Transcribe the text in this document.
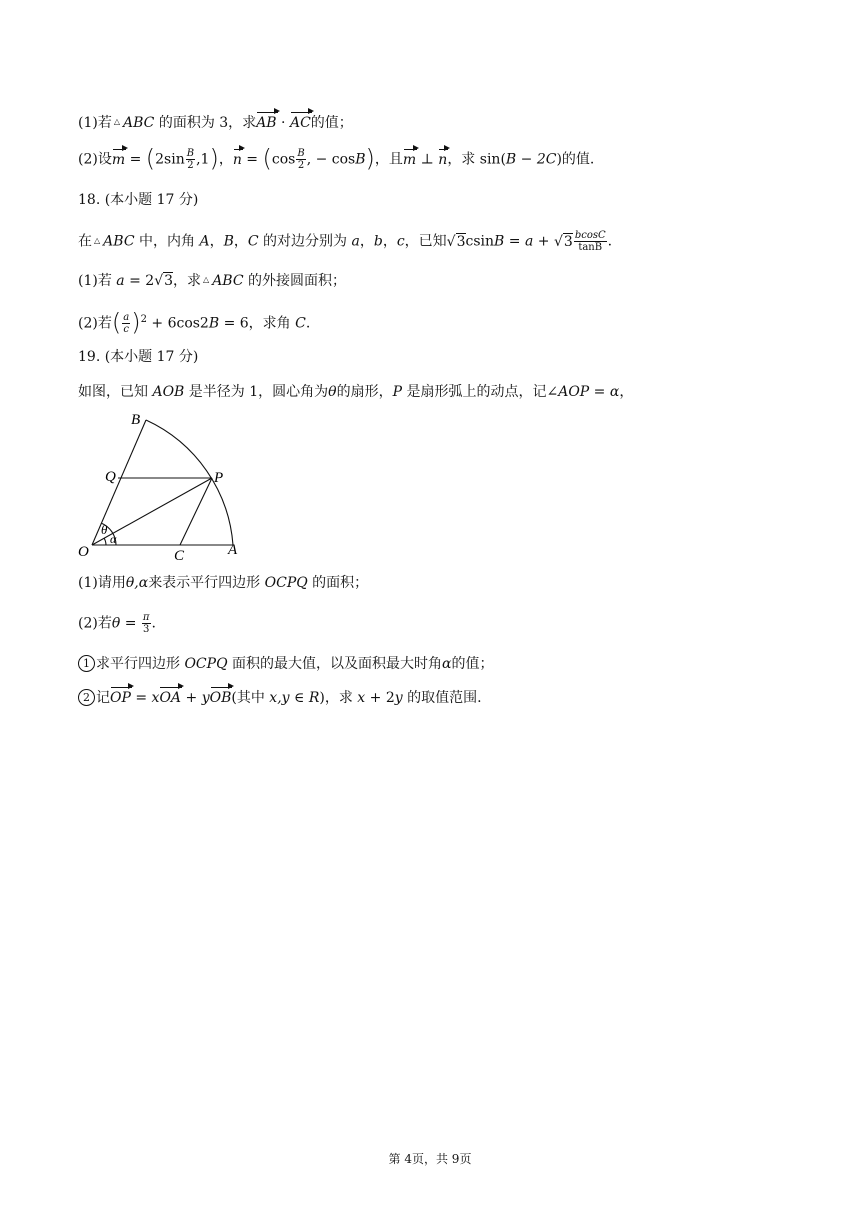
(1)若 △ ABC 的面积为 3，求AB · AC的值；
(2)设$m = (2\sin \frac{B}{2} ,1)$，$n = (\cos \frac{B}{2}$ , − cosB)，且m ⊥ n，求 sin(B − 2C)的值.
18. (本小题 17 分)
在 △ ABC 中，内角 A，B，C 的对边分别为 a，b，c，已知$√3csinB = a + √3 \frac{bcosC}{\tan B}$ .
(1)若 a = 2√3，求 △ ABC 的外接圆面积；
(2)若( $\frac{a}{c} )^2 + 6\cos 2B = 6$，求角 C.
19. (本小题 17 分)
如图，已知 AOB 是半径为 1，圆心角为θ的扇形，P 是扇形弧上的动点，记∠AOP = α，
B
Q	P
O	C	A
θ
α
(1)请用θ,α来表示平行四边形 OCPQ 的面积；
(2)若$\theta = \frac{\pi}{3}$ .
1 求平行四边形 OCPQ 面积的最大值，以及面积最大时角α的值；
2 记OP = xOA + yOB(其中 x,y ∈ R)，求 x + 2y 的取值范围.
第 4页，共 9页
